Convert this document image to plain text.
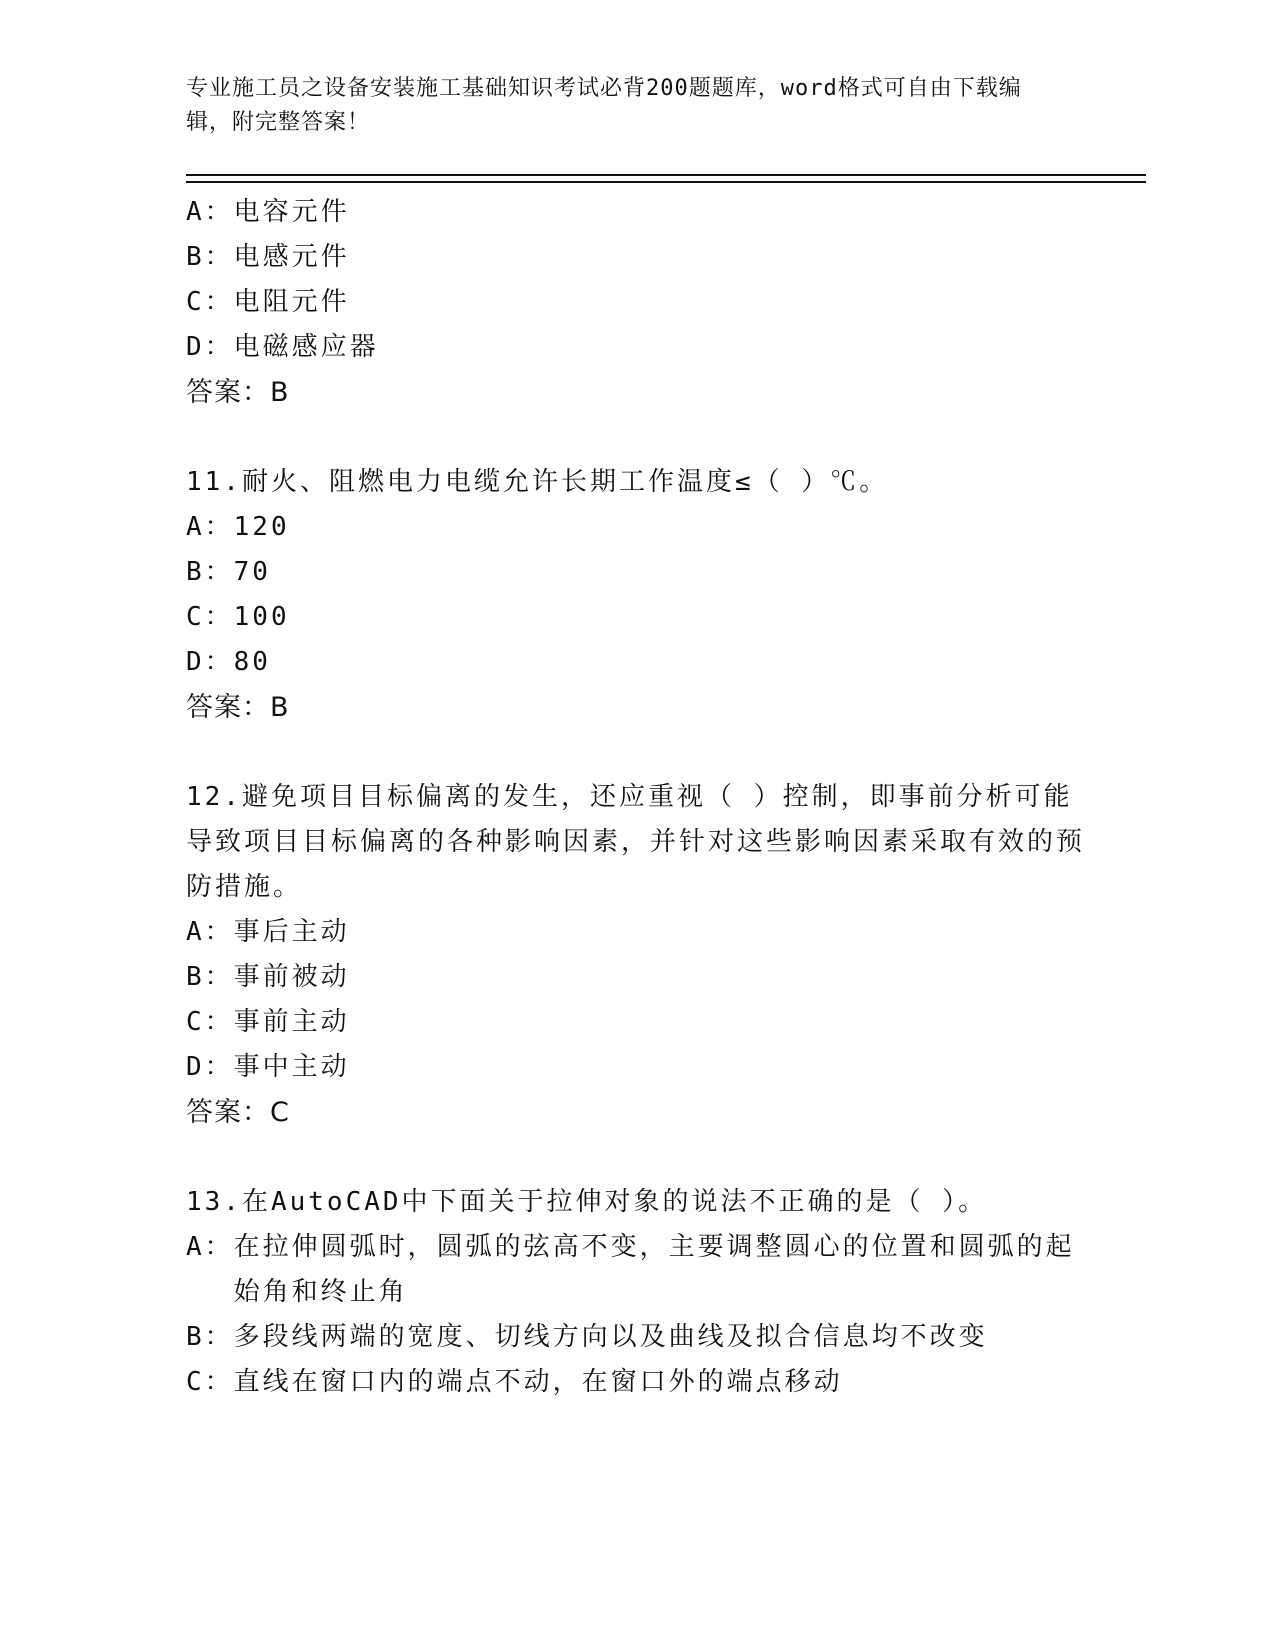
专业施工员之设备安装施工基础知识考试必背200题题库，word格式可自由下载编辑，附完整答案！
A： 电容元件
B： 电感元件
C： 电阻元件
D： 电磁感应器
答案：B
11.耐火、阻燃电力电缆允许长期工作温度≤（ ）℃。
A： 120
B： 70
C： 100
D： 80
答案：B
12.避免项目目标偏离的发生，还应重视（ ）控制，即事前分析可能导致项目目标偏离的各种影响因素，并针对这些影响因素采取有效的预防措施。
A： 事后主动
B： 事前被动
C： 事前主动
D： 事中主动
答案：C
13.在AutoCAD中下面关于拉伸对象的说法不正确的是（ ）。
A： 在拉伸圆弧时，圆弧的弦高不变，主要调整圆心的位置和圆弧的起始角和终止角
B： 多段线两端的宽度、切线方向以及曲线及拟合信息均不改变
C： 直线在窗口内的端点不动，在窗口外的端点移动
